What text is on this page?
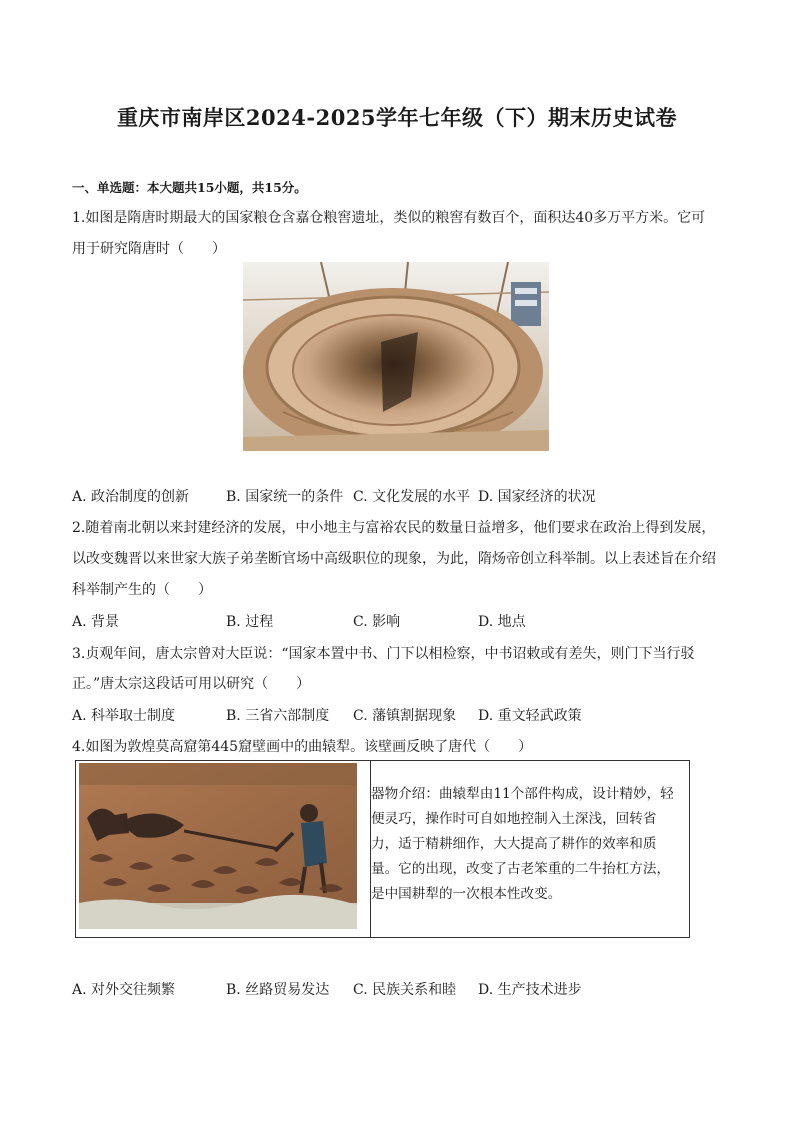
重庆市南岸区2024-2025学年七年级（下）期末历史试卷
一、单选题：本大题共15小题，共15分。
1.如图是隋唐时期最大的国家粮仓含嘉仓粮窖遗址，类似的粮窖有数百个，面积达40多万平方米。它可
用于研究隋唐时（　　）
A. 政治制度的创新	B. 国家统一的条件 C. 文化发展的水平 D. 国家经济的状况
2.随着南北朝以来封建经济的发展，中小地主与富裕农民的数量日益增多，他们要求在政治上得到发展，
以改变魏晋以来世家大族子弟垄断官场中高级职位的现象，为此，隋炀帝创立科举制。以上表述旨在介绍
科举制产生的（　　）
A. 背景	B. 过程	C. 影响	D. 地点
3.贞观年间，唐太宗曾对大臣说：“国家本置中书、门下以相检察，中书诏敕或有差失，则门下当行驳
正。”唐太宗这段话可用以研究（　　）
A. 科举取士制度	B. 三省六部制度 C. 藩镇割据现象 D. 重文轻武政策
4.如图为敦煌莫高窟第445窟壁画中的曲辕犁。该壁画反映了唐代（　　）
器物介绍：曲辕犁由11个部件构成，设计精妙，轻
便灵巧，操作时可自如地控制入土深浅，回转省
力，适于精耕细作，大大提高了耕作的效率和质
量。它的出现，改变了古老笨重的二牛抬杠方法，
是中国耕犁的一次根本性改变。
A. 对外交往频繁	B. 丝路贸易发达 C. 民族关系和睦 D. 生产技术进步
